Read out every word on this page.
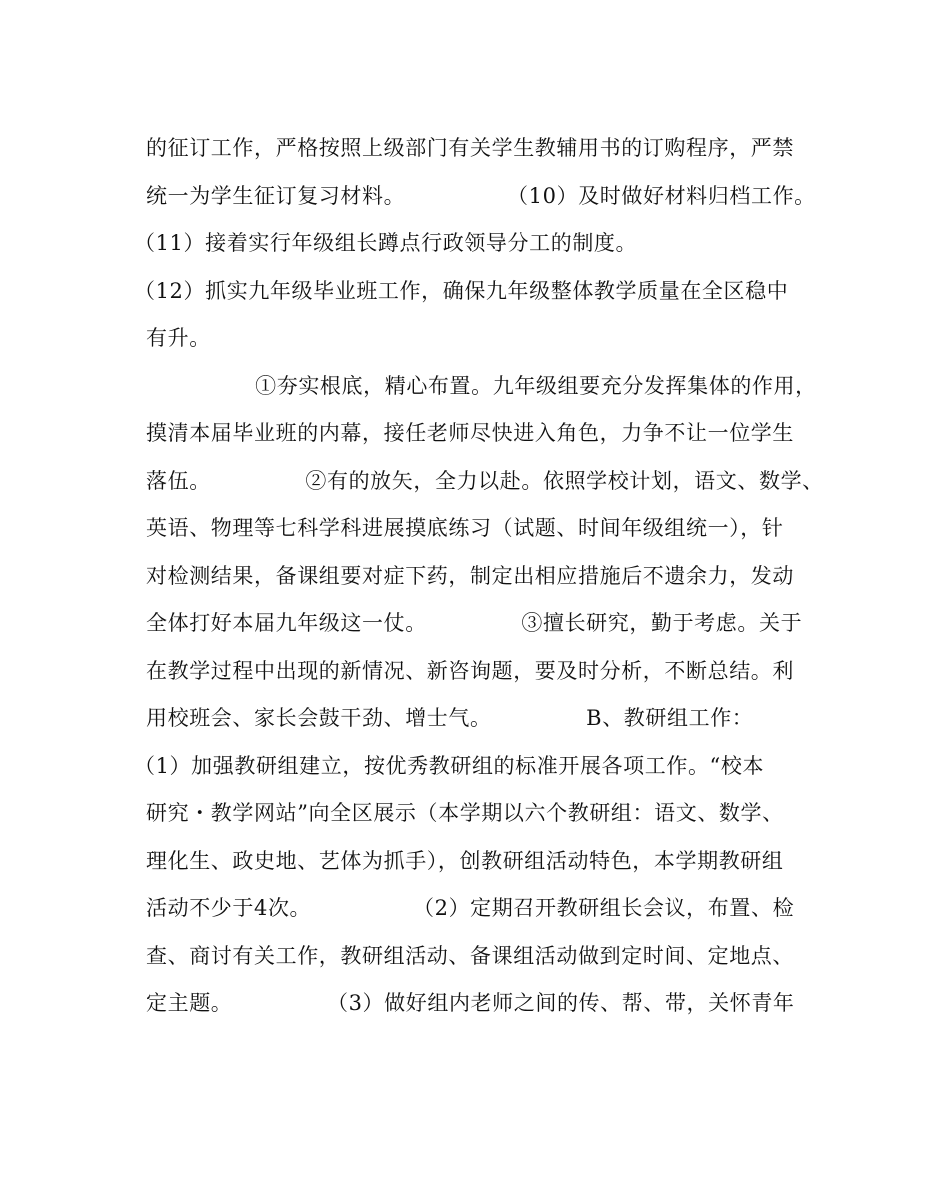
的征订工作，严格按照上级部门有关学生教辅用书的订购程序，严禁
统一为学生征订复习材料。              （10）及时做好材料归档工作。
（11）接着实行年级组长蹲点行政领导分工的制度。
（12）抓实九年级毕业班工作，确保九年级整体教学质量在全区稳中
有升。
①夯实根底，精心布置。九年级组要充分发挥集体的作用，
摸清本届毕业班的内幕，接任老师尽快进入角色，力争不让一位学生
落伍。             ②有的放矢，全力以赴。依照学校计划，语文、数学、
英语、物理等七科学科进展摸底练习（试题、时间年级组统一），针
对检测结果，备课组要对症下药，制定出相应措施后不遗余力，发动
全体打好本届九年级这一仗。             ③擅长研究，勤于考虑。关于
在教学过程中出现的新情况、新咨询题，要及时分析，不断总结。利
用校班会、家长会鼓干劲、增士气。             B、教研组工作：
（1）加强教研组建立，按优秀教研组的标准开展各项工作。“校本
研究・教学网站”向全区展示（本学期以六个教研组：语文、数学、
理化生、政史地、艺体为抓手），创教研组活动特色，本学期教研组
活动不少于4次。              （2）定期召开教研组长会议，布置、检
查、商讨有关工作，教研组活动、备课组活动做到定时间、定地点、
定主题。             （3）做好组内老师之间的传、帮、带，关怀青年
